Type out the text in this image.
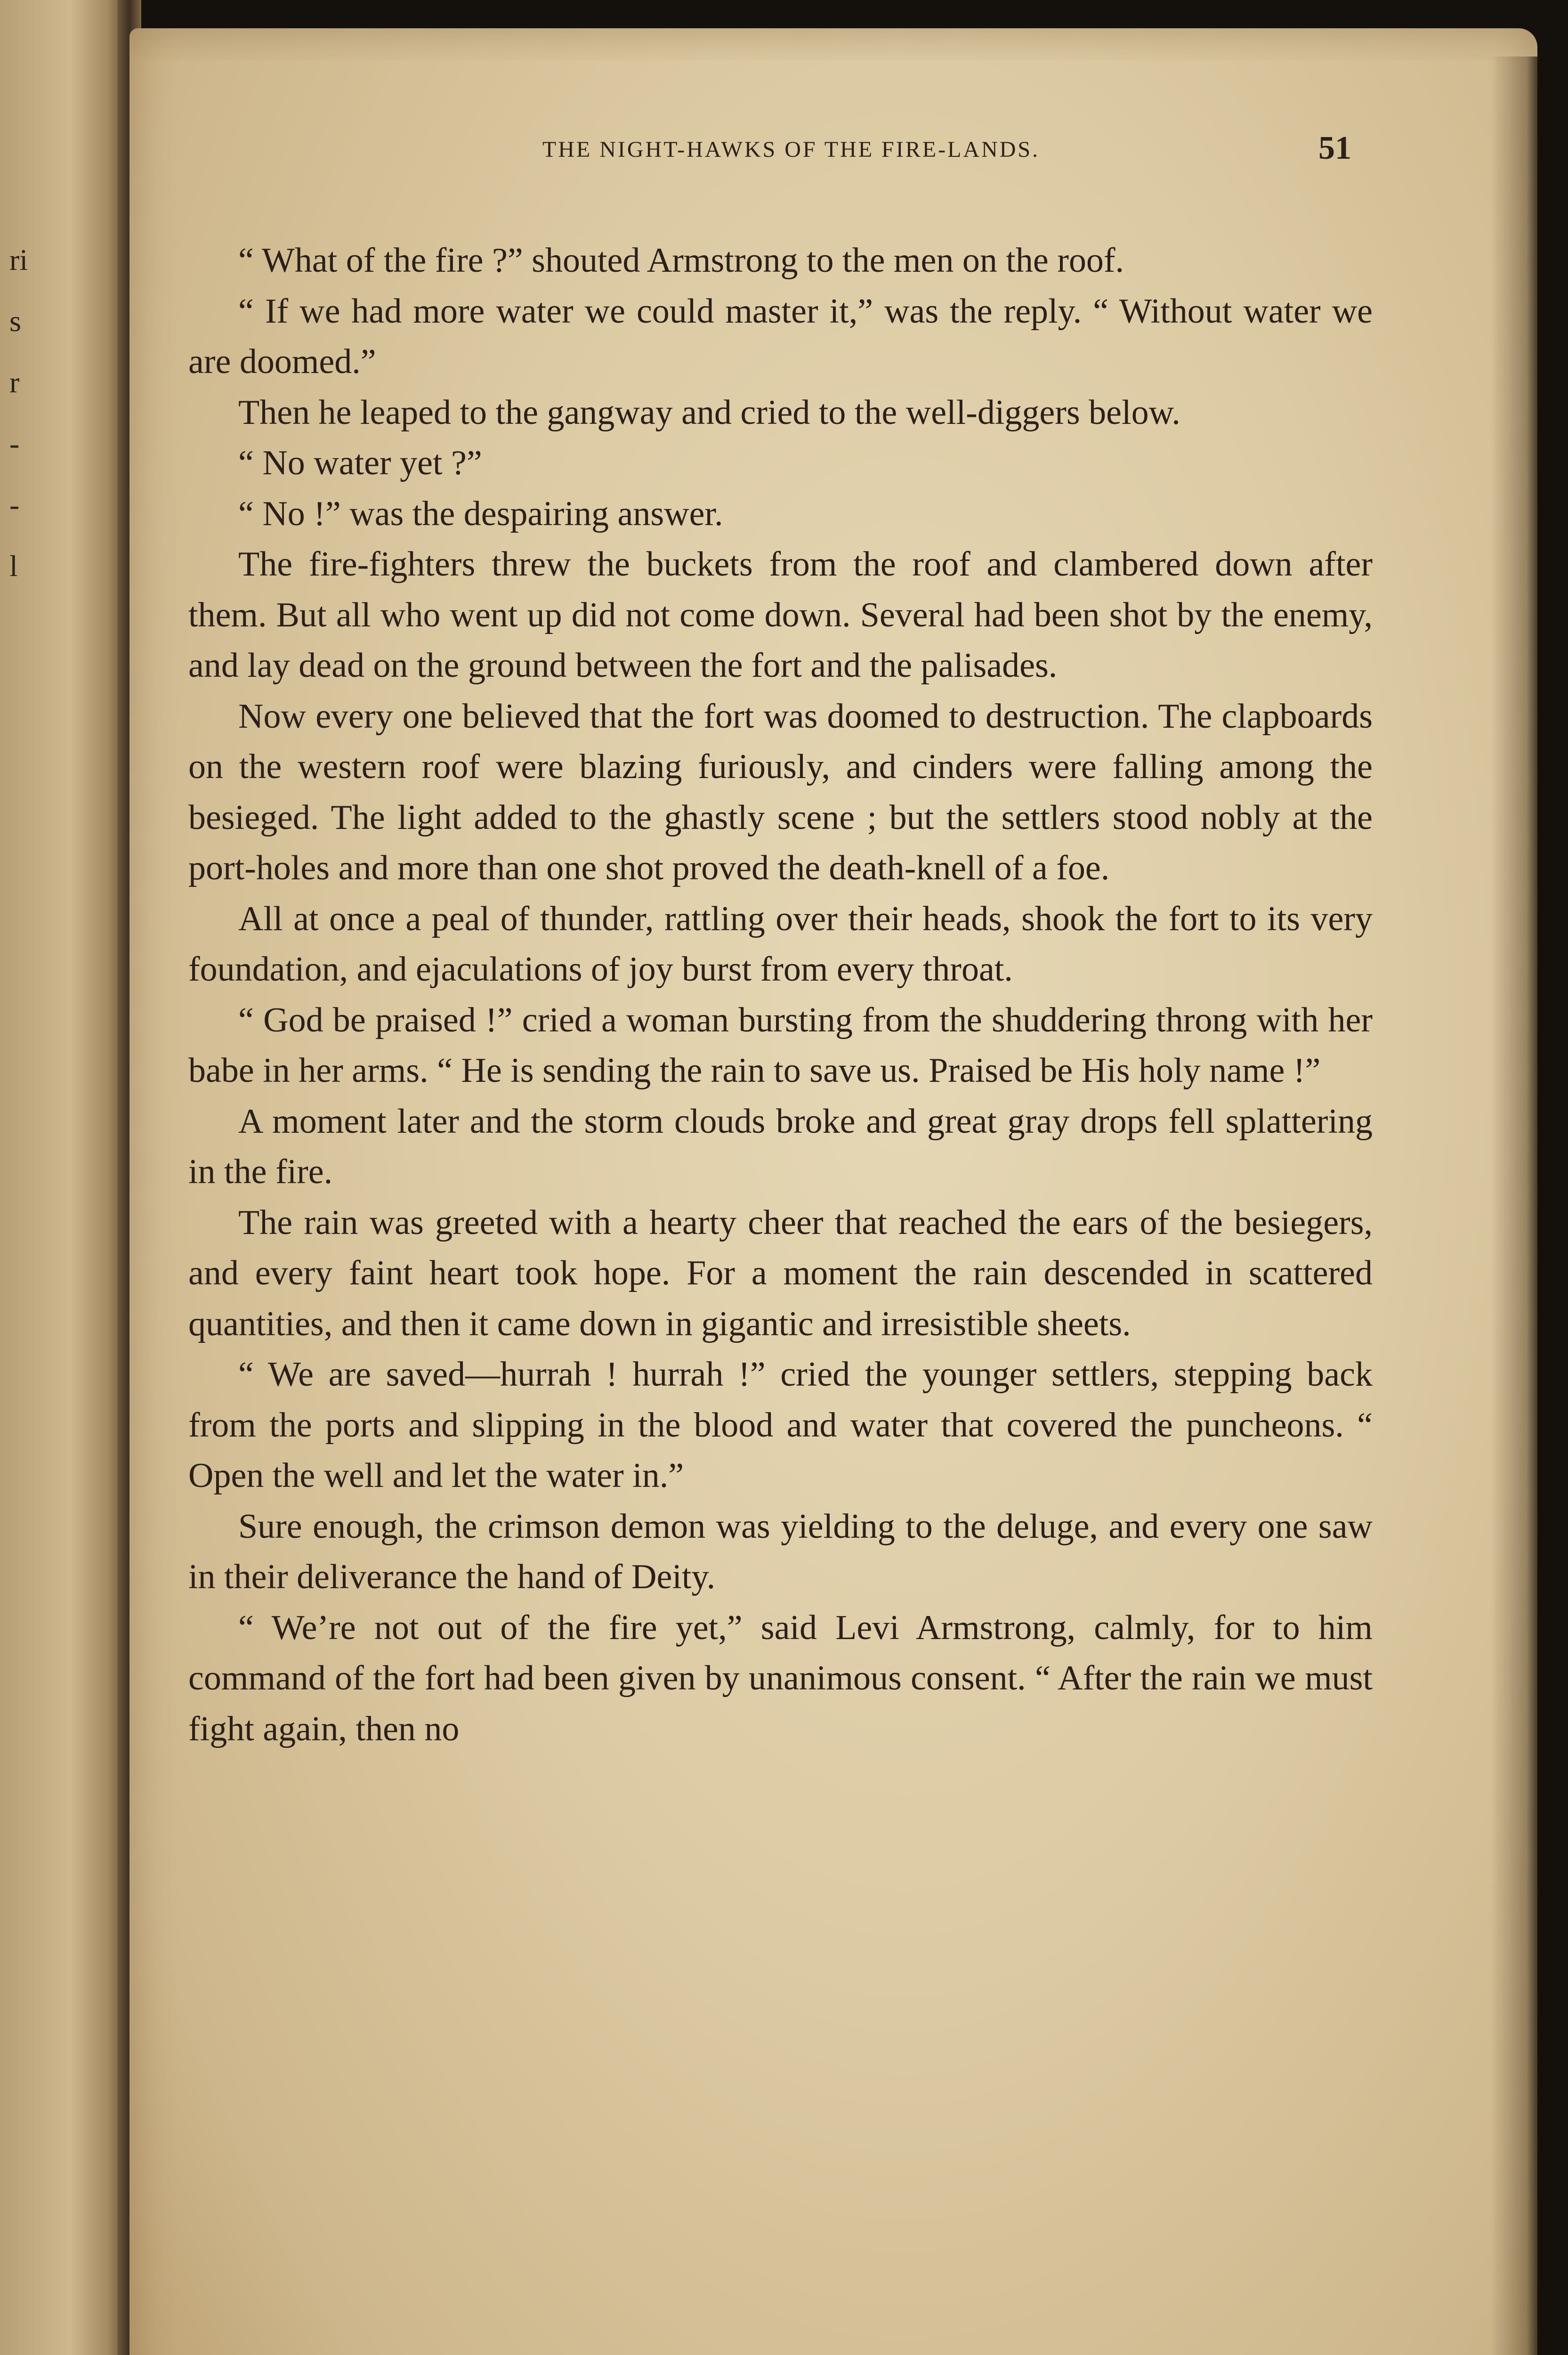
ri
s
r
-
-
l
THE NIGHT-HAWKS OF THE FIRE-LANDS.	51

“ What of the fire ?” shouted Armstrong to the men on the roof.

“ If we had more water we could master it,” was the reply. “ Without water we are doomed.”

Then he leaped to the gangway and cried to the well-diggers below.

“ No water yet ?”

“ No !” was the despairing answer.

The fire-fighters threw the buckets from the roof and clambered down after them. But all who went up did not come down. Several had been shot by the enemy, and lay dead on the ground between the fort and the palisades.

Now every one believed that the fort was doomed to destruction. The clapboards on the western roof were blazing furiously, and cinders were falling among the besieged. The light added to the ghastly scene ; but the settlers stood nobly at the port-holes and more than one shot proved the death-knell of a foe.

All at once a peal of thunder, rattling over their heads, shook the fort to its very foundation, and ejaculations of joy burst from every throat.

“ God be praised !” cried a woman bursting from the shuddering throng with her babe in her arms. “ He is sending the rain to save us. Praised be His holy name !”

A moment later and the storm clouds broke and great gray drops fell splattering in the fire.

The rain was greeted with a hearty cheer that reached the ears of the besiegers, and every faint heart took hope. For a moment the rain descended in scattered quantities, and then it came down in gigantic and irresistible sheets.

“ We are saved—hurrah ! hurrah !” cried the younger settlers, stepping back from the ports and slipping in the blood and water that covered the puncheons. “ Open the well and let the water in.”

Sure enough, the crimson demon was yielding to the deluge, and every one saw in their deliverance the hand of Deity.

“ We’re not out of the fire yet,” said Levi Armstrong, calmly, for to him command of the fort had been given by unanimous consent. “ After the rain we must fight again, then no
